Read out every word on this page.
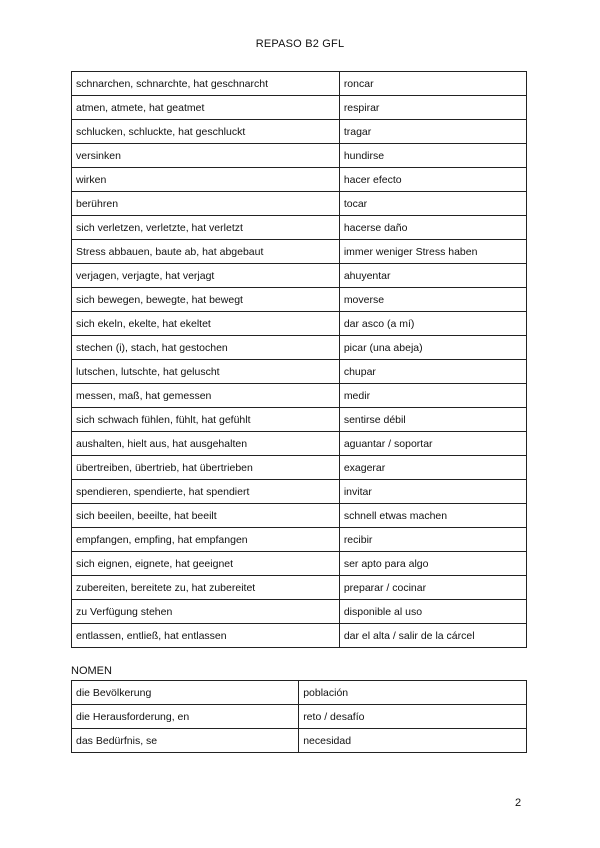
REPASO B2 GFL
schnarchen, schnarchte, hat geschnarcht	roncar
atmen, atmete, hat geatmet	respirar
schlucken, schluckte, hat geschluckt	tragar
versinken	hundirse
wirken	hacer efecto
berühren	tocar
sich verletzen, verletzte, hat verletzt	hacerse daño
Stress abbauen, baute ab, hat abgebaut	immer weniger Stress haben
verjagen, verjagte, hat verjagt	ahuyentar
sich bewegen, bewegte, hat bewegt	moverse
sich ekeln, ekelte, hat ekeltet	dar asco (a mí)
stechen (i), stach, hat gestochen	picar (una abeja)
lutschen, lutschte, hat geluscht	chupar
messen, maß, hat gemessen	medir
sich schwach fühlen, fühlt, hat gefühlt	sentirse débil
aushalten, hielt aus, hat ausgehalten	aguantar / soportar
übertreiben, übertrieb, hat übertrieben	exagerar
spendieren, spendierte, hat spendiert	invitar
sich beeilen, beeilte, hat beeilt	schnell etwas machen
empfangen, empfing, hat empfangen	recibir
sich eignen, eignete, hat geeignet	ser apto para algo
zubereiten, bereitete zu, hat zubereitet	preparar / cocinar
zu Verfügung stehen	disponible al uso
entlassen, entließ, hat entlassen	dar el alta / salir de la cárcel
NOMEN
die Bevölkerung	población
die Herausforderung, en	reto / desafío
das Bedürfnis, se	necesidad
2
